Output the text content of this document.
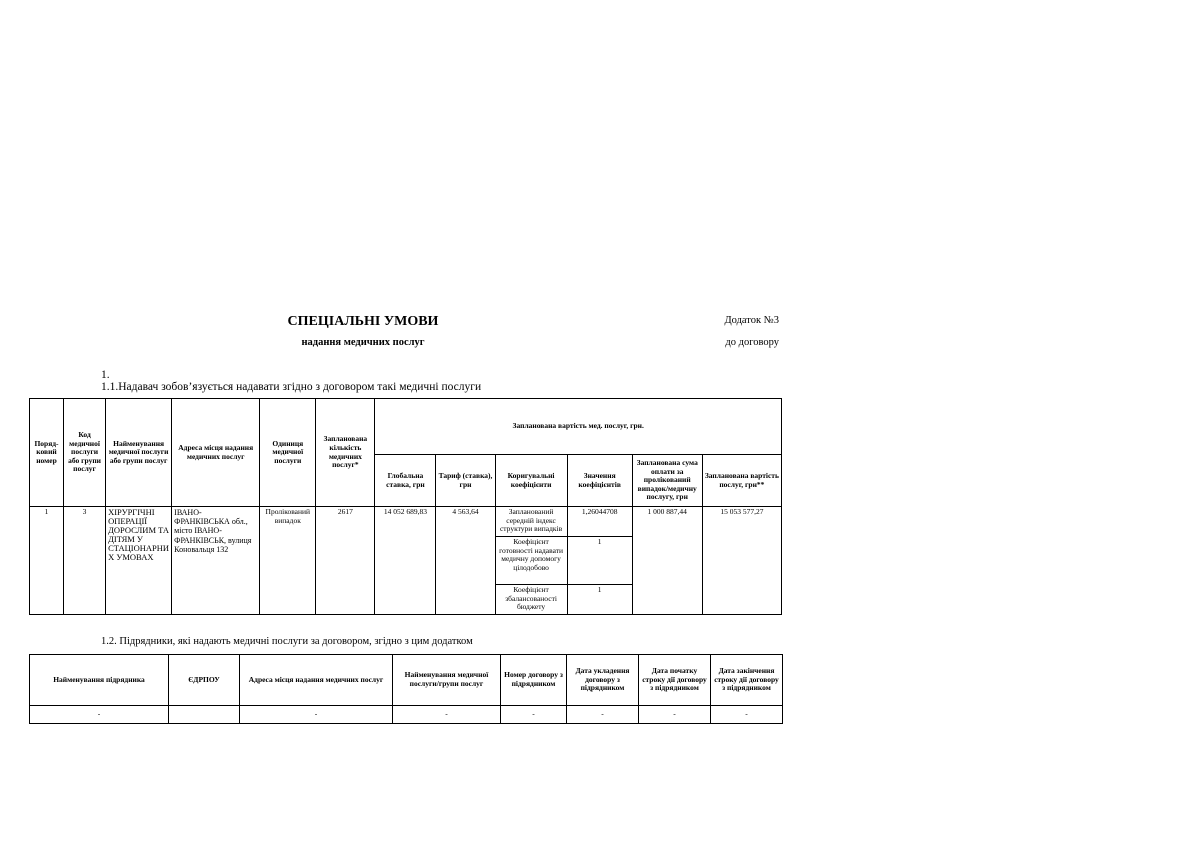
СПЕЦІАЛЬНІ УМОВИ
надання медичних послуг
Додаток №3
до договору
1.
1.1.Надавач зобов’язується надавати згідно з договором такі медичні послуги
Поряд-ковий номер	Код медичної послуги або групи послуг	Найменування медичної послуги або групи послуг	Адреса місця надання медичних послуг	Одиниця медичної послуги	Запланована кількість медичних послуг*	Запланована вартість мед. послуг, грн.					
						Глобальна ставка, грн	Тариф (ставка), грн	Коригувальні коефіцієнти	Значення коефіцієнтів	Запланована сума оплати за пролікований випадок/медичну послугу, грн	Запланована вартість послуг, грн**
1	3	ХІРУРГІЧНІ ОПЕРАЦІЇ ДОРОСЛИМ ТА ДІТЯМ У СТАЦІОНАРНИ Х УМОВАХ	ІВАНО-ФРАНКІВСЬКА обл., місто ІВАНО-ФРАНКІВСЬК, вулиця Коновальця 132	Пролікований випадок	2617	14 052 689,83	4 563,64	Запланований середній індекс структури випадків	1,26044708	1 000 887,44	15 053 577,27
								Коефіцієнт готовності надавати медичну допомогу цілодобово	1		
								Коефіцієнт збалансованості бюджету	1		
1.2. Підрядники, які надають медичні послуги за договором, згідно з цим додатком
Найменування підрядника	ЄДРПОУ	Адреса місця надання медичних послуг	Найменування медичної послуги/групи послуг	Номер договору з підрядником	Дата укладення договору з підрядником	Дата початку строку дії договору з підрядником	Дата закінчення строку дії договору з підрядником
-		-	-	-	-	-	-
